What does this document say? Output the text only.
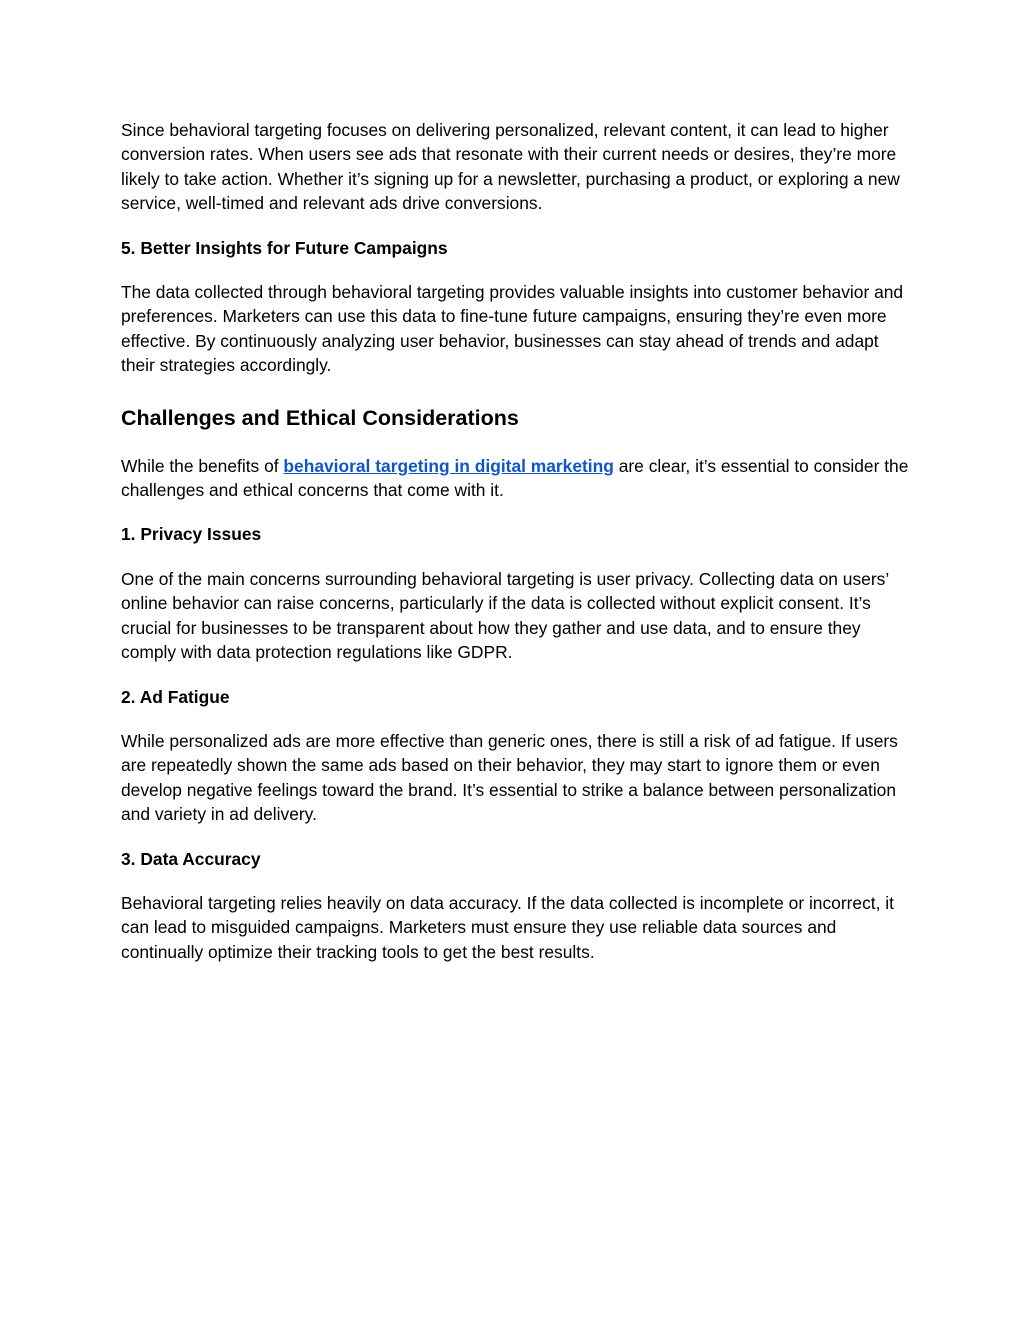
Since behavioral targeting focuses on delivering personalized, relevant content, it can lead to higher conversion rates. When users see ads that resonate with their current needs or desires, they’re more likely to take action. Whether it’s signing up for a newsletter, purchasing a product, or exploring a new service, well-timed and relevant ads drive conversions.

5. Better Insights for Future Campaigns

The data collected through behavioral targeting provides valuable insights into customer behavior and preferences. Marketers can use this data to fine-tune future campaigns, ensuring they’re even more effective. By continuously analyzing user behavior, businesses can stay ahead of trends and adapt their strategies accordingly.

Challenges and Ethical Considerations

While the benefits of behavioral targeting in digital marketing are clear, it’s essential to consider the challenges and ethical concerns that come with it.

1. Privacy Issues

One of the main concerns surrounding behavioral targeting is user privacy. Collecting data on users’ online behavior can raise concerns, particularly if the data is collected without explicit consent. It’s crucial for businesses to be transparent about how they gather and use data, and to ensure they comply with data protection regulations like GDPR.

2. Ad Fatigue

While personalized ads are more effective than generic ones, there is still a risk of ad fatigue. If users are repeatedly shown the same ads based on their behavior, they may start to ignore them or even develop negative feelings toward the brand. It’s essential to strike a balance between personalization and variety in ad delivery.

3. Data Accuracy

Behavioral targeting relies heavily on data accuracy. If the data collected is incomplete or incorrect, it can lead to misguided campaigns. Marketers must ensure they use reliable data sources and continually optimize their tracking tools to get the best results.
